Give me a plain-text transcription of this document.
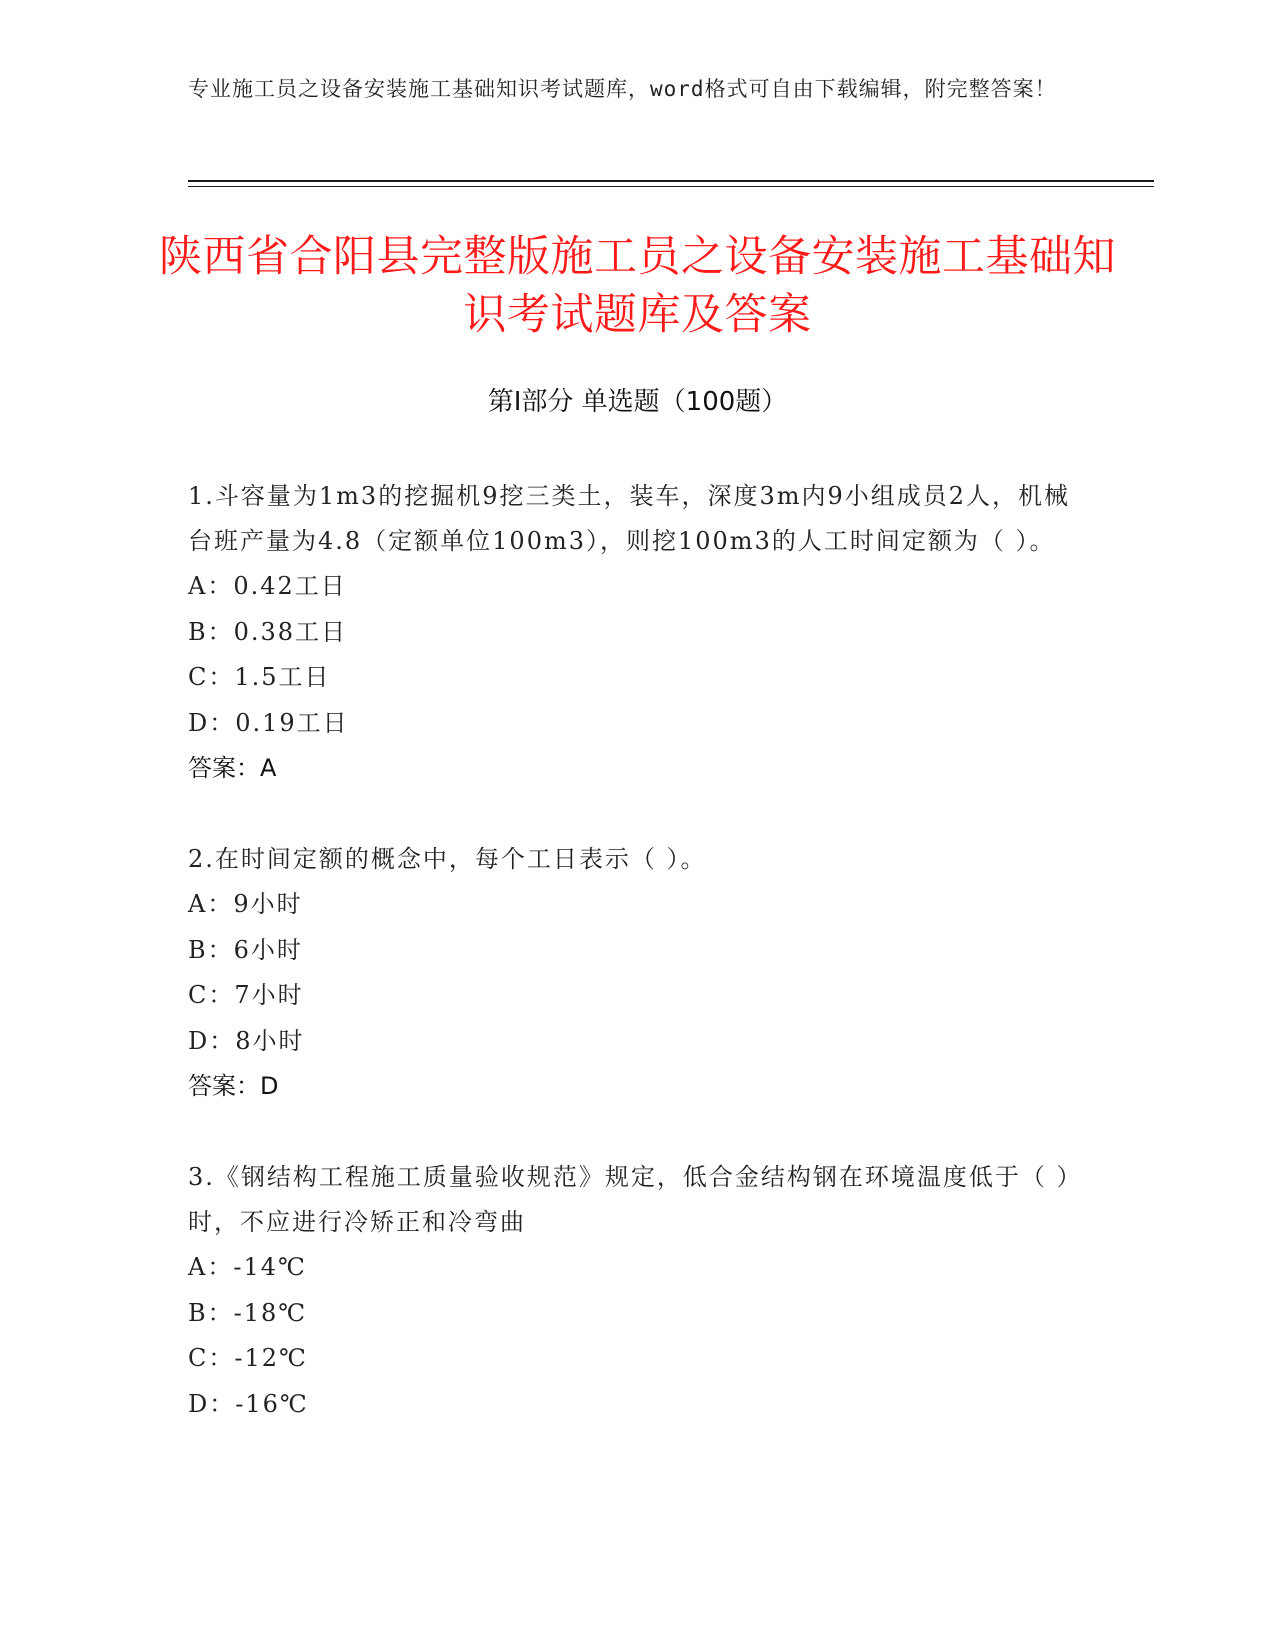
专业施工员之设备安装施工基础知识考试题库，word格式可自由下载编辑，附完整答案！
陕西省合阳县完整版施工员之设备安装施工基础知识考试题库及答案
第I部分 单选题（100题）
1.斗容量为1m3的挖掘机9挖三类土，装车，深度3m内9小组成员2人，机械台班产量为4.8（定额单位100m3），则挖100m3的人工时间定额为（ ）。
A：0.42工日
B：0.38工日
C：1.5工日
D：0.19工日
答案：A
2.在时间定额的概念中，每个工日表示（ ）。
A：9小时
B：6小时
C：7小时
D：8小时
答案：D
3.《钢结构工程施工质量验收规范》规定，低合金结构钢在环境温度低于（ ）时，不应进行冷矫正和冷弯曲
A：-14℃
B：-18℃
C：-12℃
D：-16℃
